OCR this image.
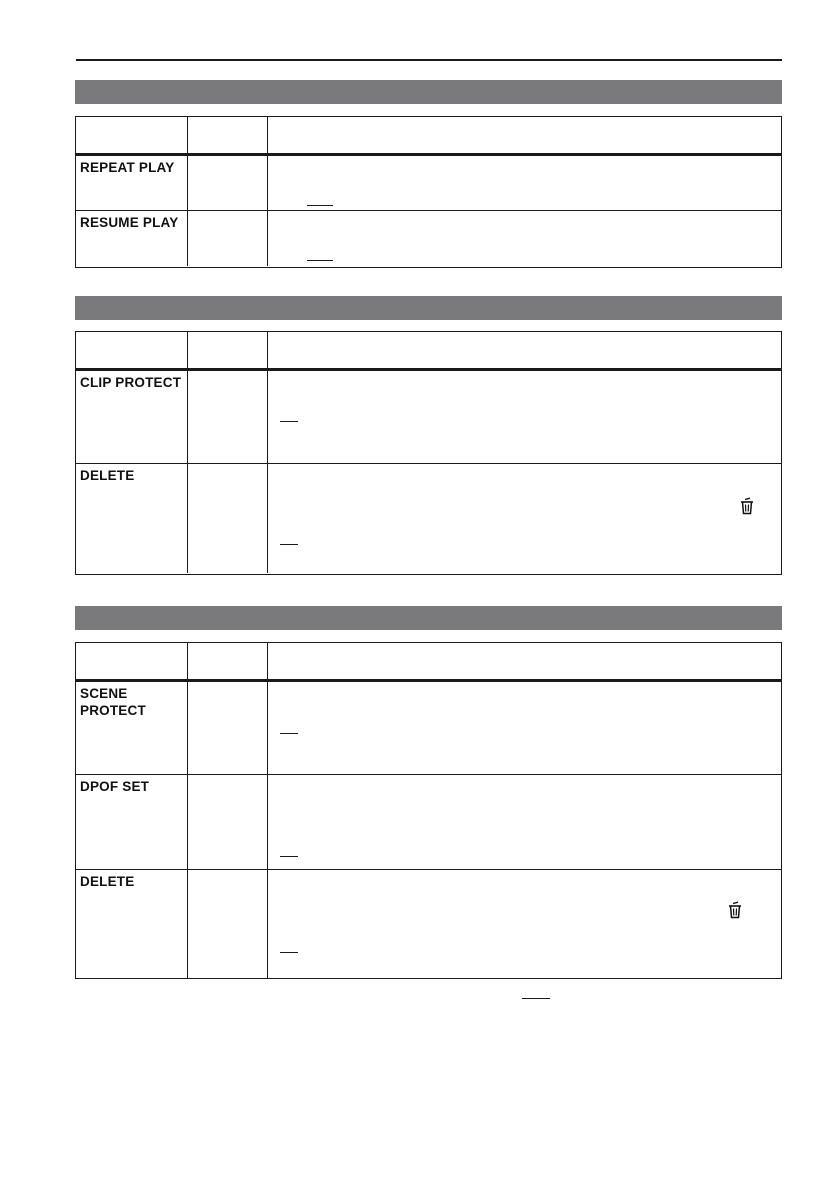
REPEAT PLAY
RESUME PLAY
CLIP PROTECT
DELETE
SCENE PROTECT
DPOF SET
DELETE
